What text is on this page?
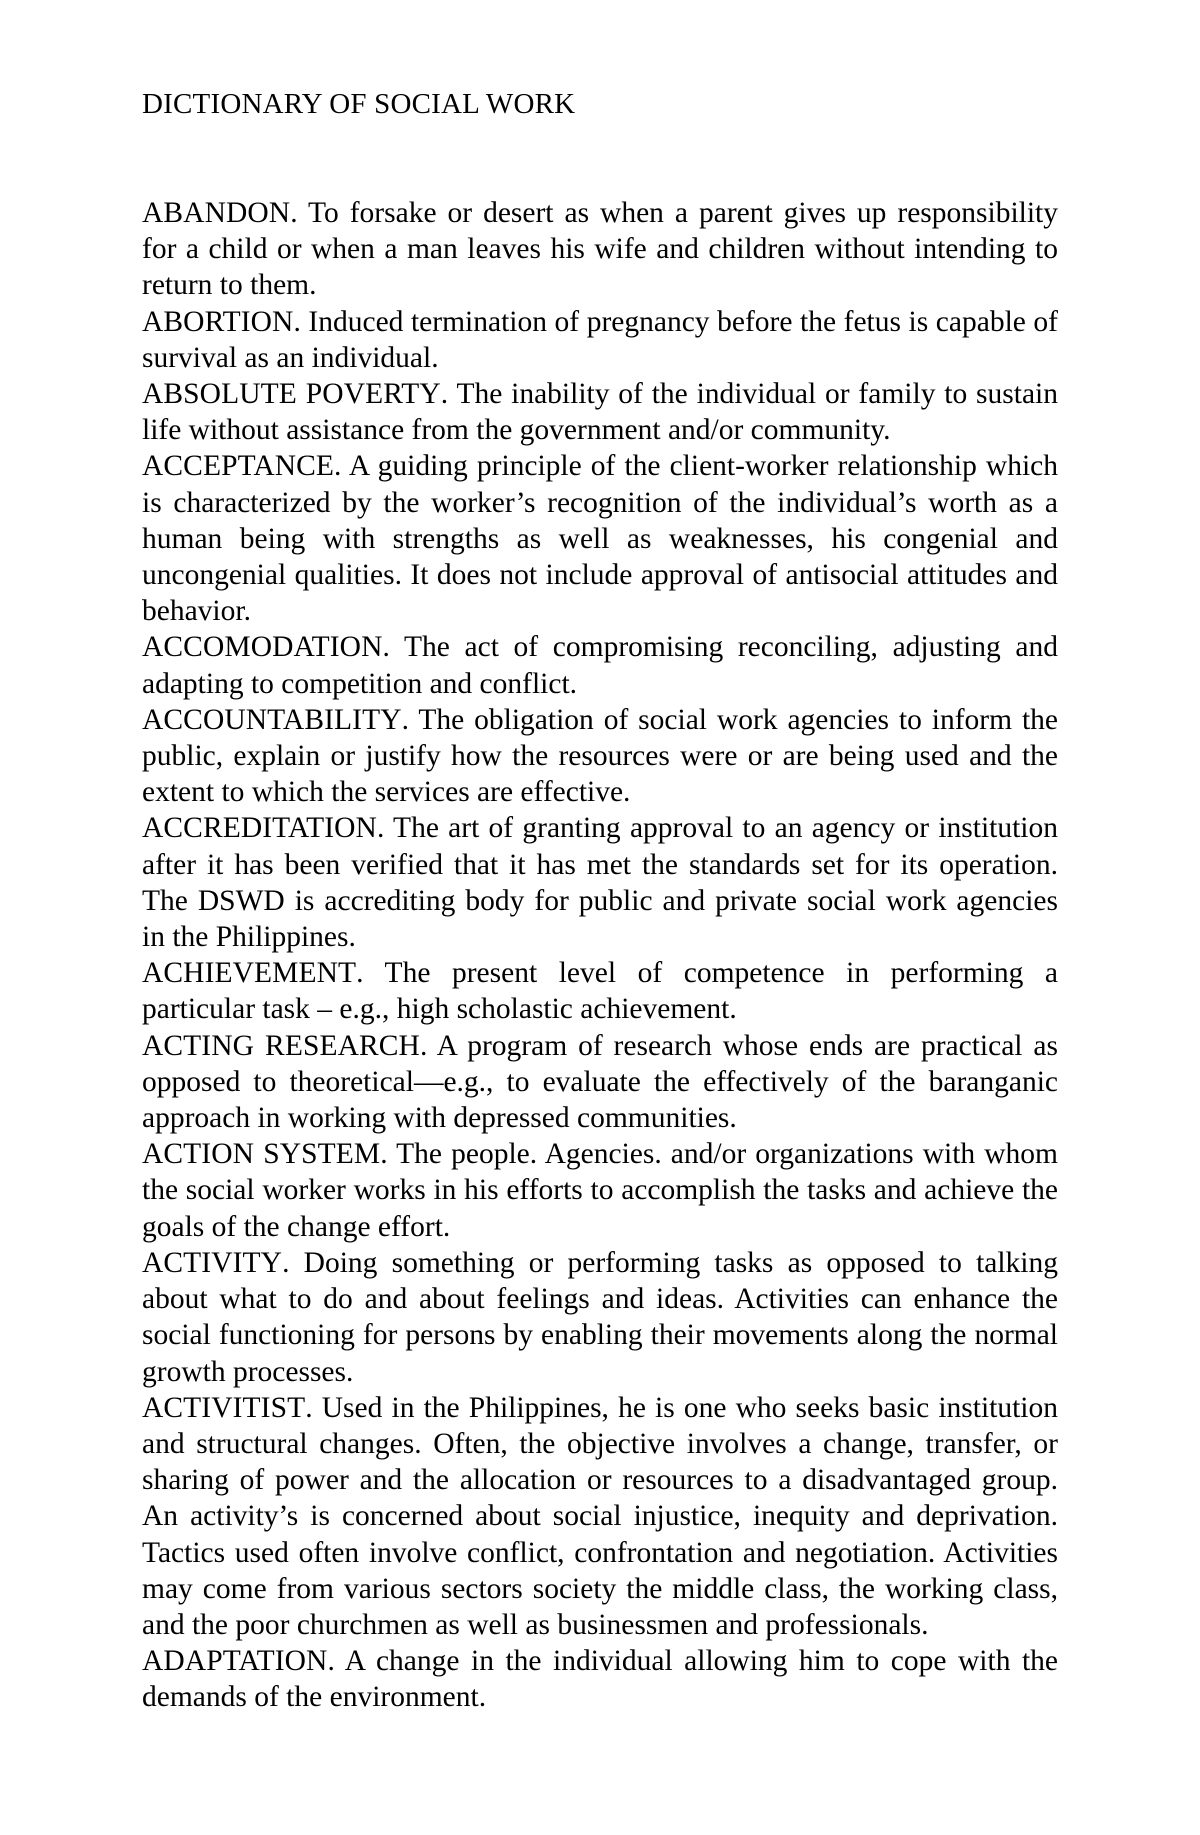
DICTIONARY OF SOCIAL WORK

ABANDON. To forsake or desert as when a parent gives up responsibility for a child or when a man leaves his wife and children without intending to return to them.

ABORTION. Induced termination of pregnancy before the fetus is capable of survival as an individual.

ABSOLUTE POVERTY. The inability of the individual or family to sustain life without assistance from the government and/or community.

ACCEPTANCE. A guiding principle of the client-worker relationship which is characterized by the worker’s recognition of the individual’s worth as a human being with strengths as well as weaknesses, his congenial and uncongenial qualities. It does not include approval of antisocial attitudes and behavior.

ACCOMODATION. The act of compromising reconciling, adjusting and adapting to competition and conflict.

ACCOUNTABILITY. The obligation of social work agencies to inform the public, explain or justify how the resources were or are being used and the extent to which the services are effective.

ACCREDITATION. The art of granting approval to an agency or institution after it has been verified that it has met the standards set for its operation. The DSWD is accrediting body for public and private social work agencies in the Philippines.

ACHIEVEMENT. The present level of competence in performing a particular task – e.g., high scholastic achievement.

ACTING RESEARCH. A program of research whose ends are practical as opposed to theoretical—e.g., to evaluate the effectively of the baranganic approach in working with depressed communities.

ACTION SYSTEM. The people. Agencies. and/or organizations with whom the social worker works in his efforts to accomplish the tasks and achieve the goals of the change effort.

ACTIVITY. Doing something or performing tasks as opposed to talking about what to do and about feelings and ideas. Activities can enhance the social functioning for persons by enabling their movements along the normal growth processes.

ACTIVITIST. Used in the Philippines, he is one who seeks basic institution and structural changes. Often, the objective involves a change, transfer, or sharing of power and the allocation or resources to a disadvantaged group. An activity’s is concerned about social injustice, inequity and deprivation. Tactics used often involve conflict, confrontation and negotiation. Activities may come from various sectors society the middle class, the working class, and the poor churchmen as well as businessmen and professionals.

ADAPTATION. A change in the individual allowing him to cope with the demands of the environment.
